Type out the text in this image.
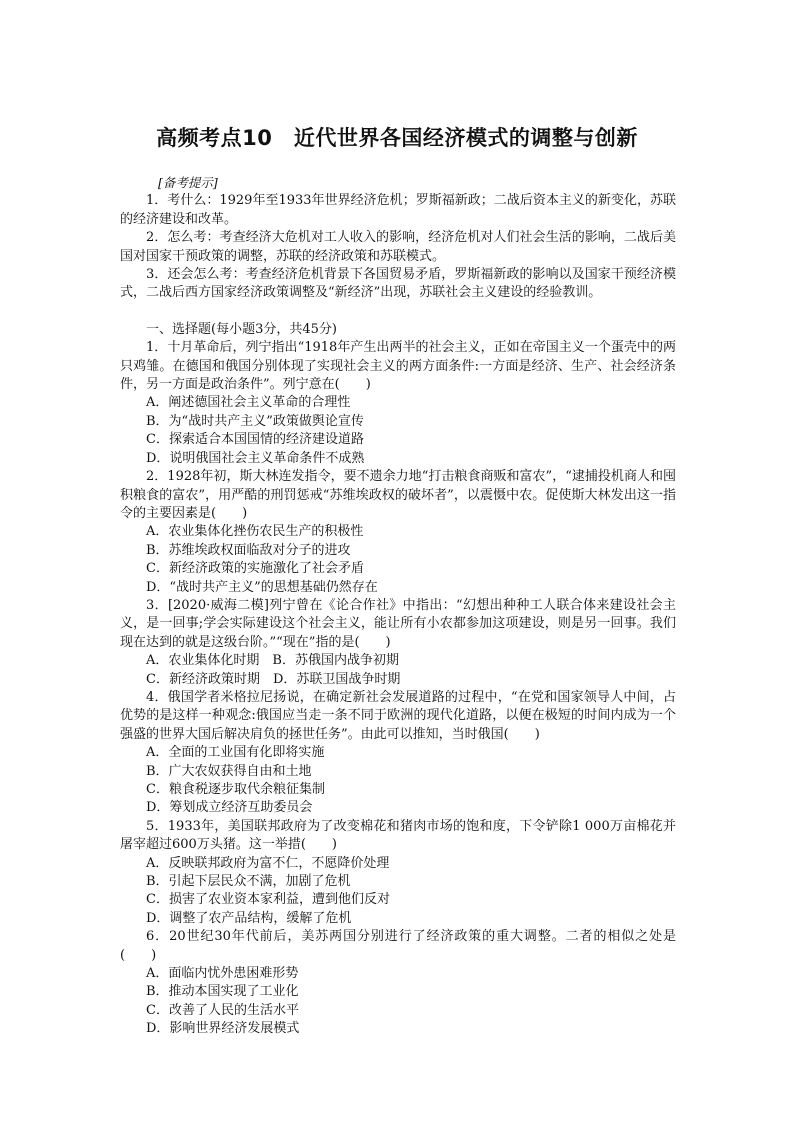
高频考点10　近代世界各国经济模式的调整与创新
[备考提示]

1．考什么：1929年至1933年世界经济危机；罗斯福新政；二战后资本主义的新变化，苏联的经济建设和改革。

2．怎么考：考查经济大危机对工人收入的影响，经济危机对人们社会生活的影响，二战后美国对国家干预政策的调整，苏联的经济政策和苏联模式。

3．还会怎么考：考查经济危机背景下各国贸易矛盾，罗斯福新政的影响以及国家干预经济模式，二战后西方国家经济政策调整及“新经济”出现，苏联社会主义建设的经验教训。

一、选择题(每小题3分，共45分)

1．十月革命后，列宁指出“1918年产生出两半的社会主义，正如在帝国主义一个蛋壳中的两只鸡雏。在德国和俄国分别体现了实现社会主义的两方面条件:一方面是经济、生产、社会经济条件，另一方面是政治条件”。列宁意在(　　)

A．阐述德国社会主义革命的合理性

B．为“战时共产主义”政策做舆论宣传

C．探索适合本国国情的经济建设道路

D．说明俄国社会主义革命条件不成熟

2．1928年初，斯大林连发指令，要不遗余力地“打击粮食商贩和富农”，“逮捕投机商人和囤积粮食的富农”，用严酷的刑罚惩戒“苏维埃政权的破坏者”，以震慑中农。促使斯大林发出这一指令的主要因素是(　　)

A．农业集体化挫伤农民生产的积极性

B．苏维埃政权面临敌对分子的进攻

C．新经济政策的实施激化了社会矛盾

D．“战时共产主义”的思想基础仍然存在

3．[2020·威海二模]列宁曾在《论合作社》中指出：“幻想出种种工人联合体来建设社会主义，是一回事;学会实际建设这个社会主义，能让所有小农都参加这项建设，则是另一回事。我们现在达到的就是这级台阶。”“现在”指的是(　　)

A．农业集体化时期　B．苏俄国内战争初期

C．新经济政策时期　D．苏联卫国战争时期

4．俄国学者米格拉尼扬说，在确定新社会发展道路的过程中，“在党和国家领导人中间，占优势的是这样一种观念:俄国应当走一条不同于欧洲的现代化道路，以便在极短的时间内成为一个强盛的世界大国后解决肩负的拯世任务”。由此可以推知，当时俄国(　　)

A．全面的工业国有化即将实施

B．广大农奴获得自由和土地

C．粮食税逐步取代余粮征集制

D．筹划成立经济互助委员会

5．1933年，美国联邦政府为了改变棉花和猪肉市场的饱和度，下令铲除1 000万亩棉花并屠宰超过600万头猪。这一举措(　　)

A．反映联邦政府为富不仁，不愿降价处理

B．引起下层民众不满，加剧了危机

C．损害了农业资本家利益，遭到他们反对

D．调整了农产品结构，缓解了危机

6．20世纪30年代前后，美苏两国分别进行了经济政策的重大调整。二者的相似之处是(　　)

A．面临内忧外患困难形势

B．推动本国实现了工业化

C．改善了人民的生活水平

D．影响世界经济发展模式
